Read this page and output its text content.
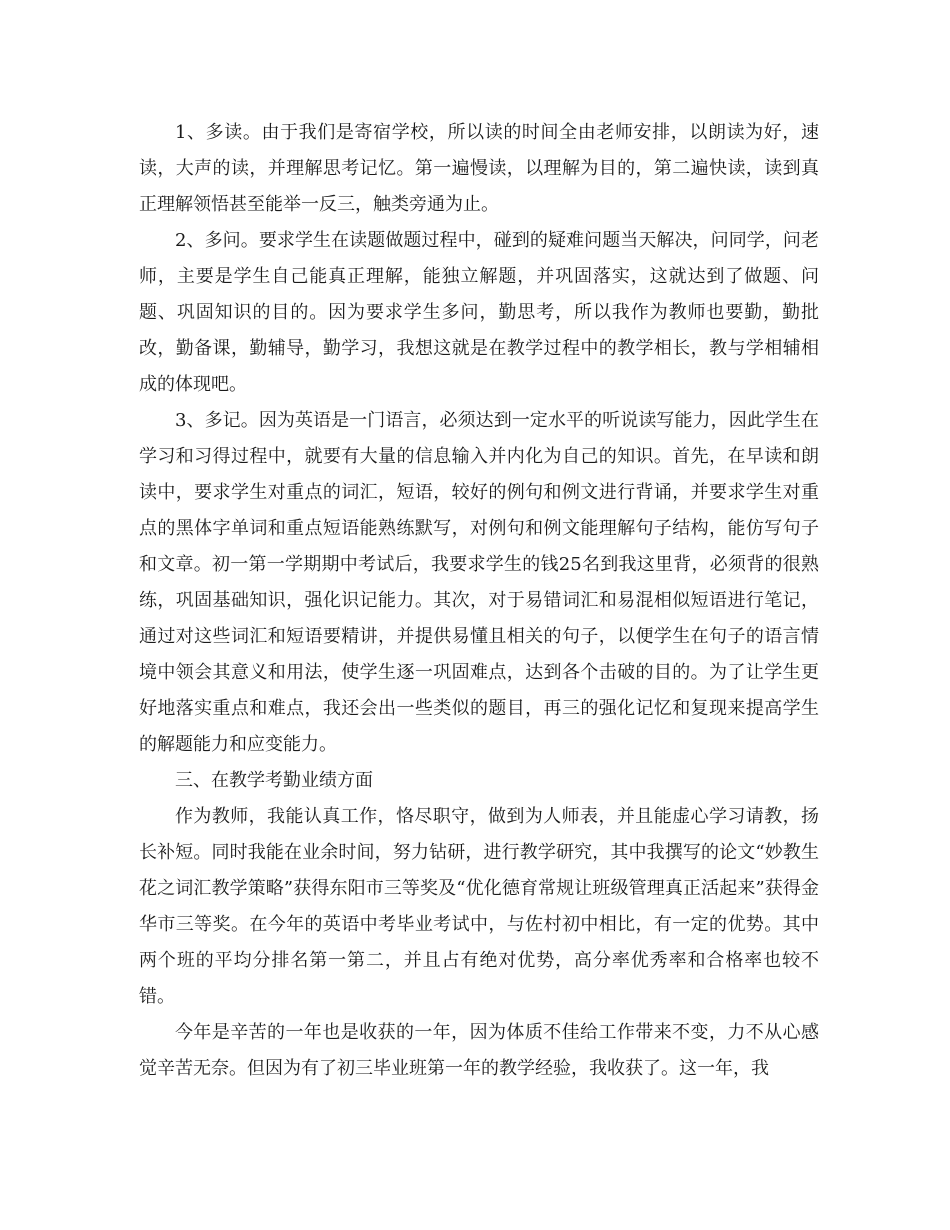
1、多读。由于我们是寄宿学校，所以读的时间全由老师安排，以朗读为好，速读，大声的读，并理解思考记忆。第一遍慢读，以理解为目的，第二遍快读，读到真正理解领悟甚至能举一反三，触类旁通为止。

2、多问。要求学生在读题做题过程中，碰到的疑难问题当天解决，问同学，问老师，主要是学生自己能真正理解，能独立解题，并巩固落实，这就达到了做题、问题、巩固知识的目的。因为要求学生多问，勤思考，所以我作为教师也要勤，勤批改，勤备课，勤辅导，勤学习，我想这就是在教学过程中的教学相长，教与学相辅相成的体现吧。

3、多记。因为英语是一门语言，必须达到一定水平的听说读写能力，因此学生在学习和习得过程中，就要有大量的信息输入并内化为自己的知识。首先，在早读和朗读中，要求学生对重点的词汇，短语，较好的例句和例文进行背诵，并要求学生对重点的黑体字单词和重点短语能熟练默写，对例句和例文能理解句子结构，能仿写句子和文章。初一第一学期期中考试后，我要求学生的钱25名到我这里背，必须背的很熟练，巩固基础知识，强化识记能力。其次，对于易错词汇和易混相似短语进行笔记，通过对这些词汇和短语要精讲，并提供易懂且相关的句子，以便学生在句子的语言情境中领会其意义和用法，使学生逐一巩固难点，达到各个击破的目的。为了让学生更好地落实重点和难点，我还会出一些类似的题目，再三的强化记忆和复现来提高学生的解题能力和应变能力。

三、在教学考勤业绩方面

作为教师，我能认真工作，恪尽职守，做到为人师表，并且能虚心学习请教，扬长补短。同时我能在业余时间，努力钻研，进行教学研究，其中我撰写的论文“妙教生花之词汇教学策略”获得东阳市三等奖及“优化德育常规让班级管理真正活起来”获得金华市三等奖。在今年的英语中考毕业考试中，与佐村初中相比，有一定的优势。其中两个班的平均分排名第一第二，并且占有绝对优势，高分率优秀率和合格率也较不错。

今年是辛苦的一年也是收获的一年，因为体质不佳给工作带来不变，力不从心感觉辛苦无奈。但因为有了初三毕业班第一年的教学经验，我收获了。这一年，我
